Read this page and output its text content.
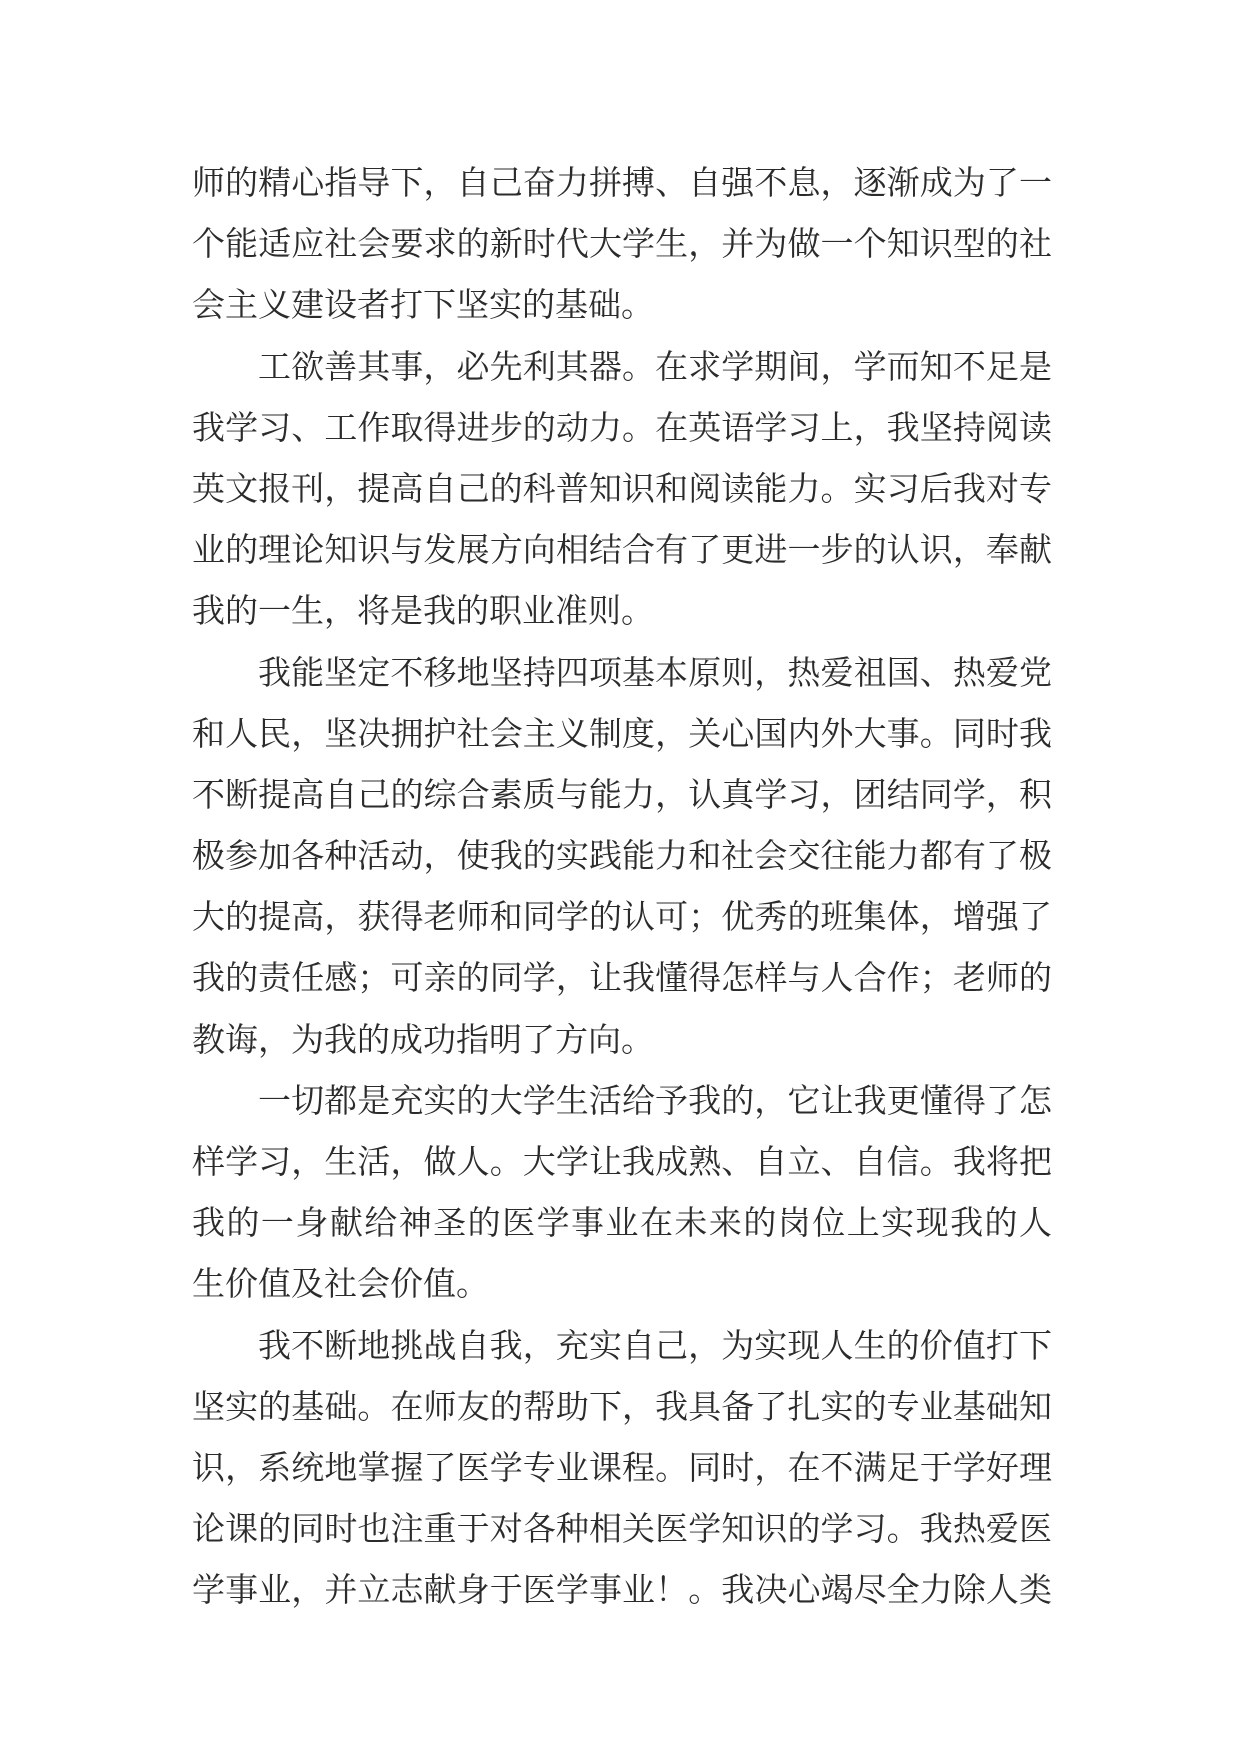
师的精心指导下，自己奋力拼搏、自强不息，逐渐成为了一
个能适应社会要求的新时代大学生，并为做一个知识型的社
会主义建设者打下坚实的基础。
工欲善其事，必先利其器。在求学期间，学而知不足是
我学习、工作取得进步的动力。在英语学习上，我坚持阅读
英文报刊，提高自己的科普知识和阅读能力。实习后我对专
业的理论知识与发展方向相结合有了更进一步的认识，奉献
我的一生，将是我的职业准则。
我能坚定不移地坚持四项基本原则，热爱祖国、热爱党
和人民，坚决拥护社会主义制度，关心国内外大事。同时我
不断提高自己的综合素质与能力，认真学习，团结同学，积
极参加各种活动，使我的实践能力和社会交往能力都有了极
大的提高，获得老师和同学的认可；优秀的班集体，增强了
我的责任感；可亲的同学，让我懂得怎样与人合作；老师的
教诲，为我的成功指明了方向。
一切都是充实的大学生活给予我的，它让我更懂得了怎
样学习，生活，做人。大学让我成熟、自立、自信。我将把
我的一身献给神圣的医学事业在未来的岗位上实现我的人
生价值及社会价值。
我不断地挑战自我，充实自己，为实现人生的价值打下
坚实的基础。在师友的帮助下，我具备了扎实的专业基础知
识，系统地掌握了医学专业课程。同时，在不满足于学好理
论课的同时也注重于对各种相关医学知识的学习。我热爱医
学事业，并立志献身于医学事业！。我决心竭尽全力除人类
